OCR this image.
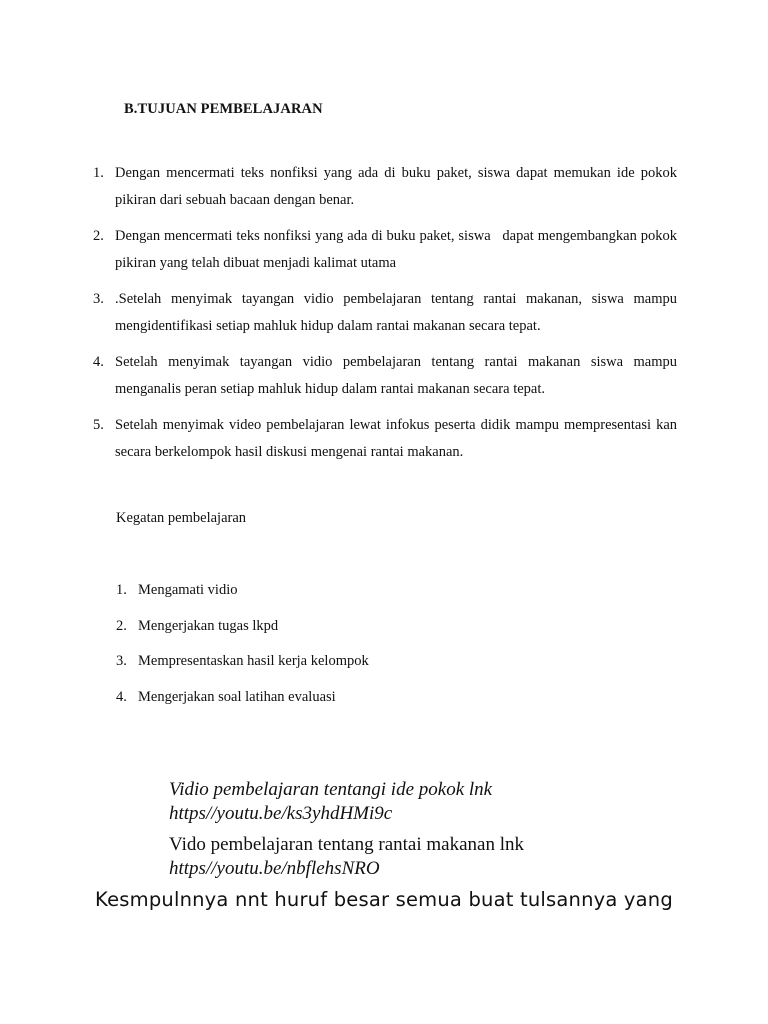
B.TUJUAN PEMBELAJARAN
1. Dengan mencermati teks nonfiksi yang ada di buku paket, siswa dapat memukan ide pokok pikiran dari sebuah bacaan dengan benar.
2. Dengan mencermati teks nonfiksi yang ada di buku paket, siswa   dapat mengembangkan pokok pikiran yang telah dibuat menjadi kalimat utama
3. .Setelah menyimak tayangan vidio pembelajaran tentang rantai makanan, siswa mampu mengidentifikasi setiap mahluk hidup dalam rantai makanan secara tepat.
4. Setelah menyimak tayangan vidio pembelajaran tentang rantai makanan siswa mampu menganalis peran setiap mahluk hidup dalam rantai makanan secara tepat.
5. Setelah menyimak video pembelajaran lewat infokus peserta didik mampu mempresentasi kan secara berkelompok hasil diskusi mengenai rantai makanan.
Kegatan pembelajaran
1. Mengamati vidio
2. Mengerjakan tugas lkpd
3. Mempresentaskan hasil kerja kelompok
4. Mengerjakan soal latihan evaluasi
Vidio pembelajaran tentangi ide pokok lnk
https//youtu.be/ks3yhdHMi9c
Vido pembelajaran tentang rantai makanan lnk
https//youtu.be/nbflehsNRO
Kesmpulnnya nnt huruf besar semua buat tulsannya yang
